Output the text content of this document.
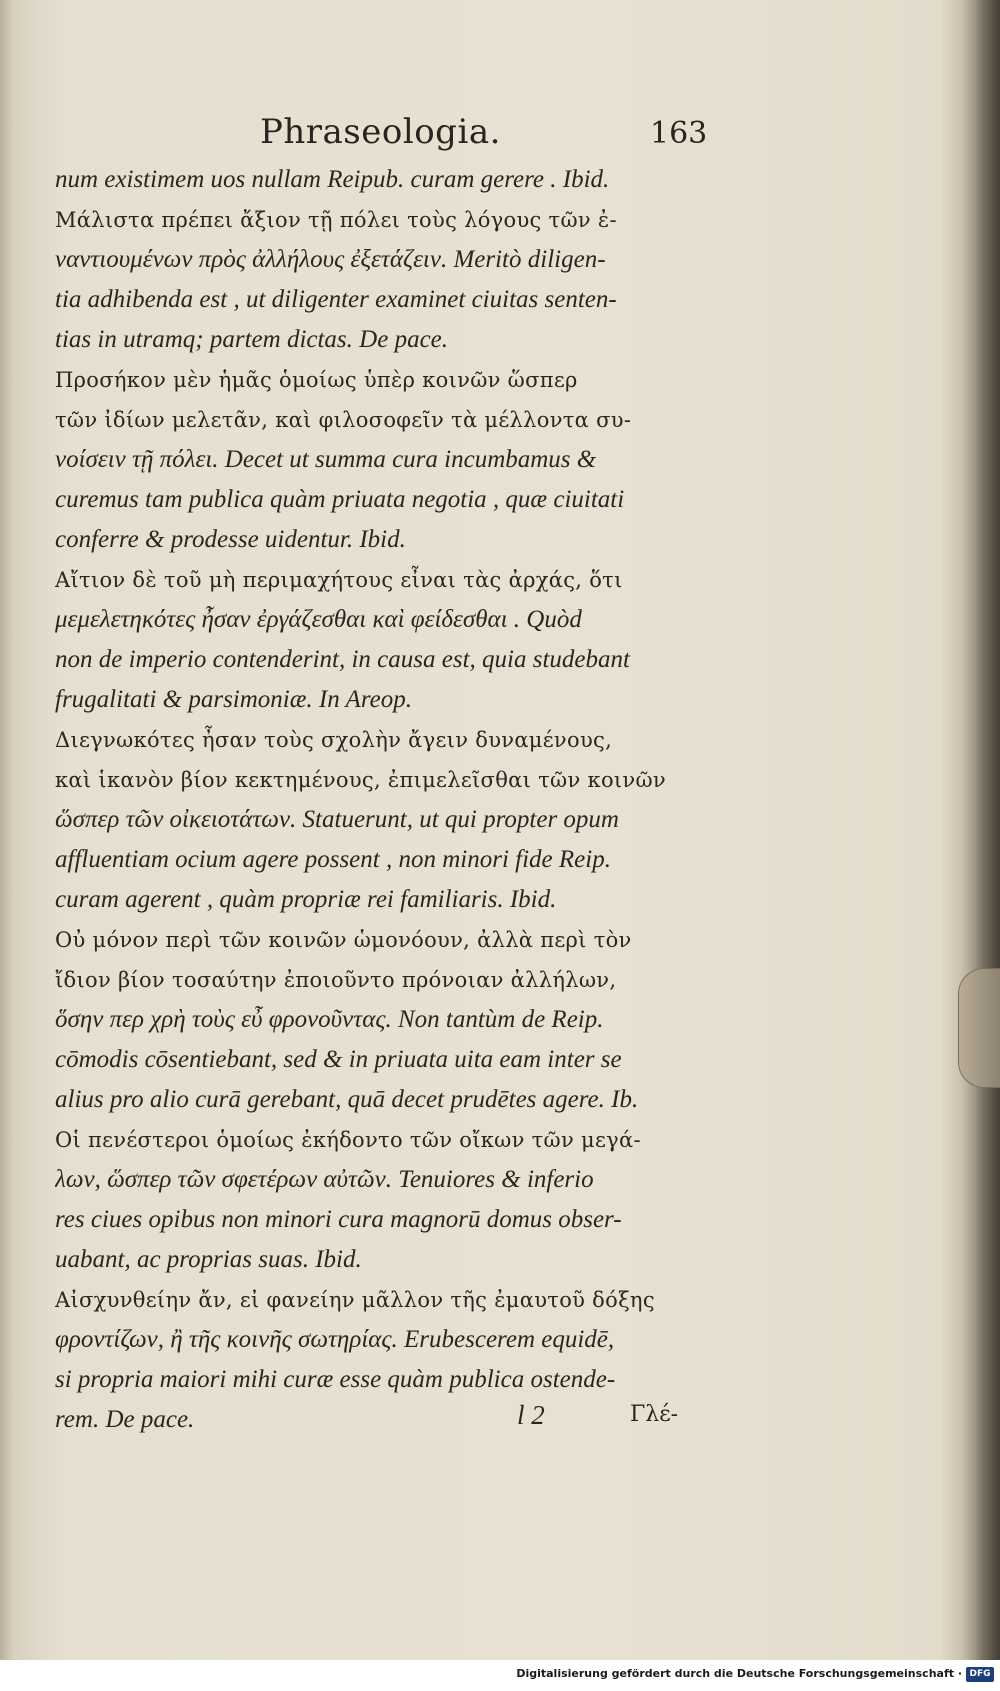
Phraseologia.	163
num existimem uos nullam Reipub. curam gerere . Ibid.
Μάλιστα πρέπει ἄξιον τῇ πόλει τοὺς λόγους τῶν ἐ-
ναντιουμένων πρὸς ἀλλήλους ἐξετάζειν. Meritò diligen-
tia adhibenda est , ut diligenter examinet ciuitas senten-
tias in utramq; partem dictas. De pace.
Προσήκον μὲν ἡμᾶς ὁμοίως ὑπὲρ κοινῶν ὥσπερ
τῶν ἰδίων μελετᾶν, καὶ φιλοσοφεῖν τὰ μέλλοντα συ-
νοίσειν τῇ πόλει. Decet ut summa cura incumbamus &
curemus tam publica quàm priuata negotia , quæ ciuitati
conferre & prodesse uidentur. Ibid.
Αἴτιον δὲ τοῦ μὴ περιμαχήτους εἶναι τὰς ἀρχάς, ὅτι
μεμελετηκότες ἦσαν ἐργάζεσθαι καὶ φείδεσθαι . Quòd
non de imperio contenderint, in causa est, quia studebant
frugalitati & parsimoniæ. In Areop.
Διεγνωκότες ἦσαν τοὺς σχολὴν ἄγειν δυναμένους,
καὶ ἱκανὸν βίον κεκτημένους, ἐπιμελεῖσθαι τῶν κοινῶν
ὥσπερ τῶν οἰκειοτάτων. Statuerunt, ut qui propter opum
affluentiam ocium agere possent , non minori fide Reip.
curam agerent , quàm propriæ rei familiaris. Ibid.
Οὐ μόνον περὶ τῶν κοινῶν ὡμονόουν, ἀλλὰ περὶ τὸν
ἴδιον βίον τοσαύτην ἐποιοῦντο πρόνοιαν ἀλλήλων,
ὅσην περ χρὴ τοὺς εὖ φρονοῦντας. Non tantùm de Reip.
cōmodis cōsentiebant, sed & in priuata uita eam inter se
alius pro alio curā gerebant, quā decet prudētes agere. Ib.
Οἱ πενέστεροι ὁμοίως ἐκήδοντο τῶν οἴκων τῶν μεγά-
λων, ὥσπερ τῶν σφετέρων αὐτῶν. Tenuiores & inferio
res ciues opibus non minori cura magnorū domus obser-
uabant, ac proprias suas. Ibid.
Αἰσχυνθείην ἄν, εἰ φανείην μᾶλλον τῆς ἐμαυτοῦ δόξης
φροντίζων, ἢ τῆς κοινῆς σωτηρίας. Erubescerem equidē,
si propria maiori mihi curæ esse quàm publica ostende-
rem. De pace.	l 2	Γλέ-
Digitalisierung gefördert durch die Deutsche Forschungsgemeinschaft · DFG
